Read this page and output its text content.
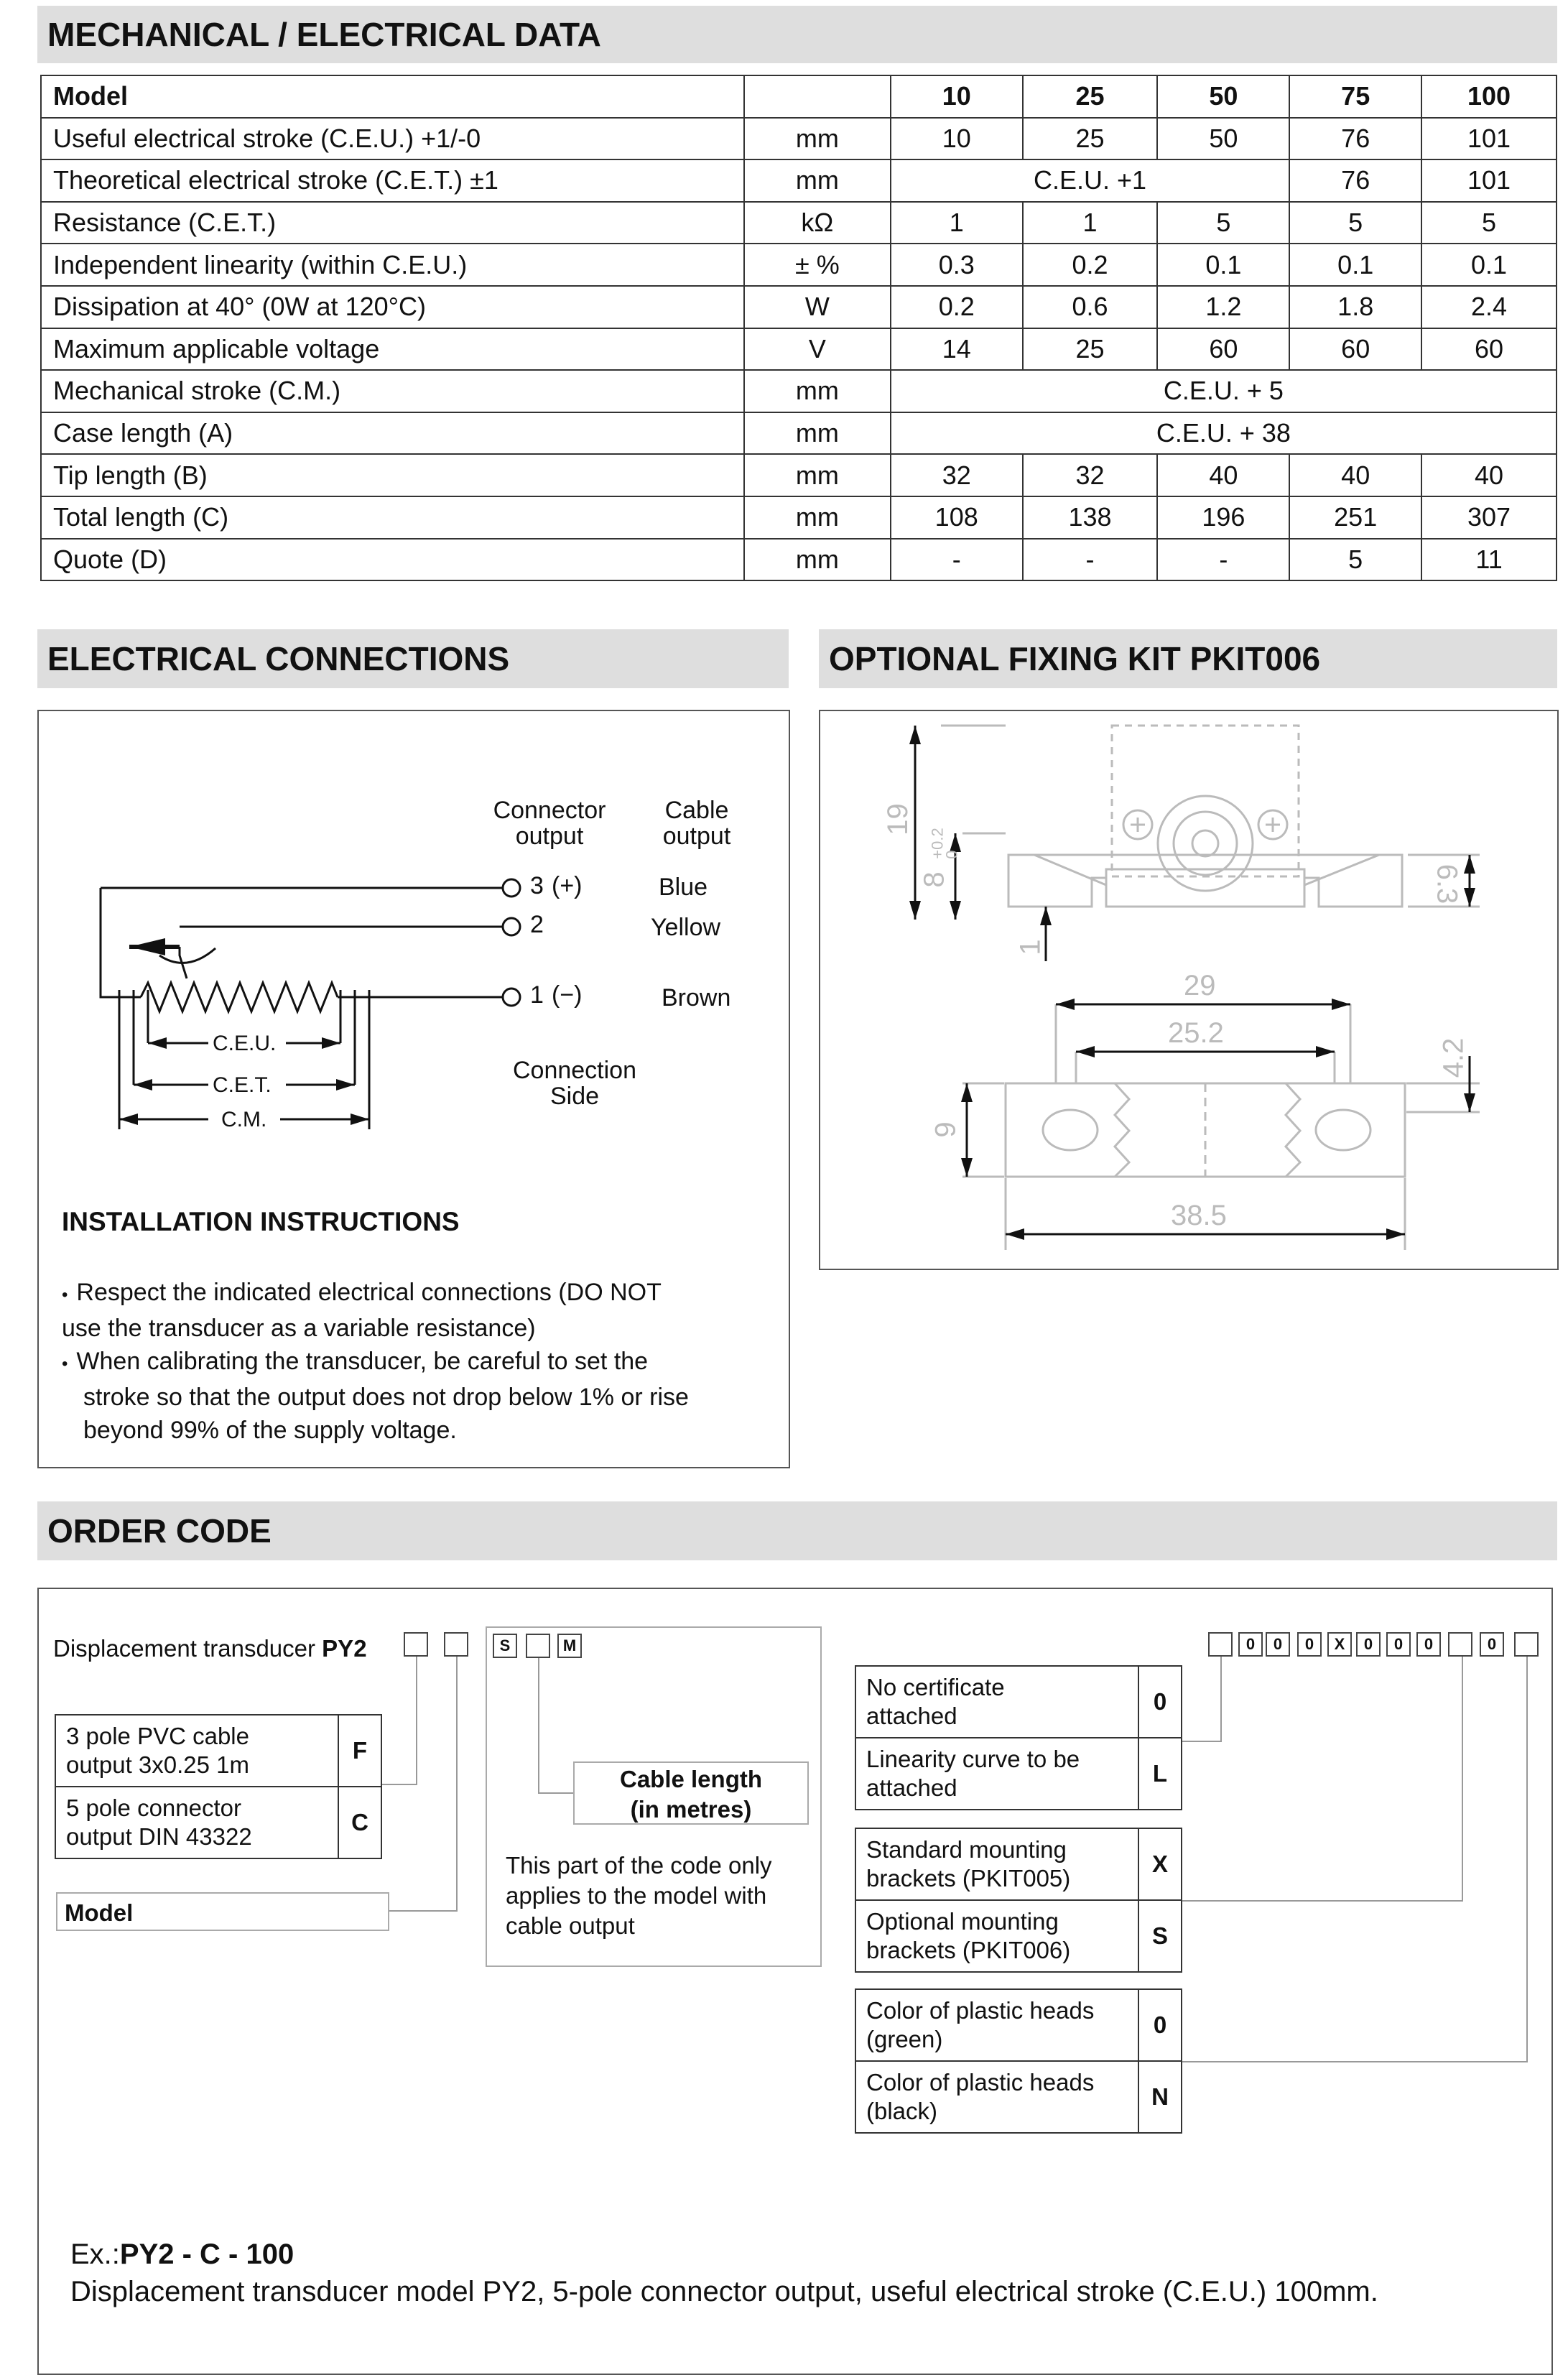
MECHANICAL / ELECTRICAL DATA
Model		10	25	50	75	100
Useful electrical stroke (C.E.U.) +1/-0	mm	10	25	50	76	101
Theoretical electrical stroke (C.E.T.) ±1	mm	C.E.U. +1			76	101
Resistance (C.E.T.)	kΩ	1	1	5	5	5
Independent linearity (within C.E.U.)	± %	0.3	0.2	0.1	0.1	0.1
Dissipation at 40° (0W at 120°C)	W	0.2	0.6	1.2	1.8	2.4
Maximum applicable voltage	V	14	25	60	60	60
Mechanical stroke (C.M.)	mm	C.E.U. + 5				
Case length (A)	mm	C.E.U. + 38				
Tip length (B)	mm	32	32	40	40	40
Total length (C)	mm	108	138	196	251	307
Quote (D)	mm	-	-	-	5	11
ELECTRICAL CONNECTIONS
Connector
output
Cable
output
3 (+)
2
1 (−)
Blue
Yellow
Brown
Connection
Side
C.E.U.
C.E.T.
C.M.
INSTALLATION INSTRUCTIONS
• Respect the indicated electrical connections (DO NOT
use the transducer as a variable resistance)
• When calibrating the transducer, be careful to set the
stroke so that the output does not drop below 1% or rise
beyond 99% of the supply voltage.
OPTIONAL FIXING KIT PKIT006
19
8
+0.2
0
6.3
1
29
25.2
4.2
9
38.5
ORDER CODE
Displacement transducer PY2	S	M
Cable length
(in metres)
This part of the code only
applies to the model with
cable output
3 pole PVC cable
output 3x0.25 1m	F
5 pole connector
output DIN 43322	C
Model
0	0	0	X	0	0	0	0
No certificate
attached	0
Linearity curve to be
attached	L
Standard mounting
brackets (PKIT005)	X
Optional mounting
brackets (PKIT006)	S
Color of plastic heads
(green)	0
Color of plastic heads
(black)	N
Ex.:PY2 - C - 100
Displacement transducer model PY2, 5-pole connector output, useful electrical stroke (C.E.U.) 100mm.
